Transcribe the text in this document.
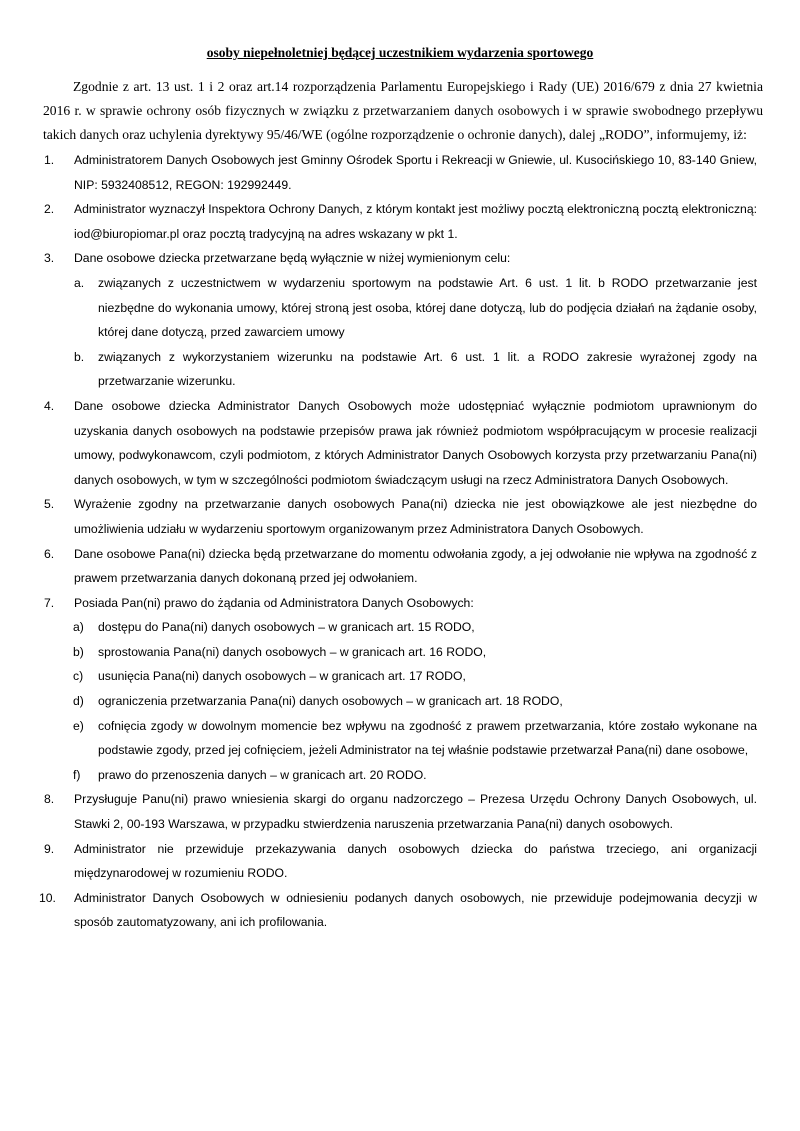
osoby niepełnoletniej będącej uczestnikiem wydarzenia sportowego

Zgodnie z art. 13 ust. 1 i 2 oraz art.14 rozporządzenia Parlamentu Europejskiego i Rady (UE) 2016/679 z dnia 27 kwietnia 2016 r. w sprawie ochrony osób fizycznych w związku z przetwarzaniem danych osobowych i w sprawie swobodnego przepływu takich danych oraz uchylenia dyrektywy 95/46/WE (ogólne rozporządzenie o ochronie danych), dalej „RODO”, informujemy, iż:

1. Administratorem Danych Osobowych jest Gminny Ośrodek Sportu i Rekreacji w Gniewie, ul. Kusocińskiego 10, 83-140 Gniew, NIP: 5932408512, REGON: 192992449.
2. Administrator wyznaczył Inspektora Ochrony Danych, z którym kontakt jest możliwy pocztą elektroniczną pocztą elektroniczną: iod@biuropiomar.pl oraz pocztą tradycyjną na adres wskazany w pkt 1.
3. Dane osobowe dziecka przetwarzane będą wyłącznie w niżej wymienionym celu:
a. związanych z uczestnictwem w wydarzeniu sportowym na podstawie Art. 6 ust. 1 lit. b RODO przetwarzanie jest niezbędne do wykonania umowy, której stroną jest osoba, której dane dotyczą, lub do podjęcia działań na żądanie osoby, której dane dotyczą, przed zawarciem umowy
b. związanych z wykorzystaniem wizerunku na podstawie Art. 6 ust. 1 lit. a RODO zakresie wyrażonej zgody na przetwarzanie wizerunku.
4. Dane osobowe dziecka Administrator Danych Osobowych może udostępniać wyłącznie podmiotom uprawnionym do uzyskania danych osobowych na podstawie przepisów prawa jak również podmiotom współpracującym w procesie realizacji umowy, podwykonawcom, czyli podmiotom, z których Administrator Danych Osobowych korzysta przy przetwarzaniu Pana(ni) danych osobowych, w tym w szczególności podmiotom świadczącym usługi na rzecz Administratora Danych Osobowych.
5. Wyrażenie zgodny na przetwarzanie danych osobowych Pana(ni) dziecka nie jest obowiązkowe ale jest niezbędne do umożliwienia udziału w wydarzeniu sportowym organizowanym przez Administratora Danych Osobowych.
6. Dane osobowe Pana(ni) dziecka będą przetwarzane do momentu odwołania zgody, a jej odwołanie nie wpływa na zgodność z prawem przetwarzania danych dokonaną przed jej odwołaniem.
7. Posiada Pan(ni) prawo do żądania od Administratora Danych Osobowych:
a) dostępu do Pana(ni) danych osobowych – w granicach art. 15 RODO,
b) sprostowania Pana(ni) danych osobowych – w granicach art. 16 RODO,
c) usunięcia Pana(ni) danych osobowych – w granicach art. 17 RODO,
d) ograniczenia przetwarzania Pana(ni) danych osobowych – w granicach art. 18 RODO,
e) cofnięcia zgody w dowolnym momencie bez wpływu na zgodność z prawem przetwarzania, które zostało wykonane na podstawie zgody, przed jej cofnięciem, jeżeli Administrator na tej właśnie podstawie przetwarzał Pana(ni) dane osobowe,
f) prawo do przenoszenia danych – w granicach art. 20 RODO.
8. Przysługuje Panu(ni) prawo wniesienia skargi do organu nadzorczego – Prezesa Urzędu Ochrony Danych Osobowych, ul. Stawki 2, 00-193 Warszawa, w przypadku stwierdzenia naruszenia przetwarzania Pana(ni) danych osobowych.
9. Administrator nie przewiduje przekazywania danych osobowych dziecka do państwa trzeciego, ani organizacji międzynarodowej w rozumieniu RODO.
10. Administrator Danych Osobowych w odniesieniu podanych danych osobowych, nie przewiduje podejmowania decyzji w sposób zautomatyzowany, ani ich profilowania.
